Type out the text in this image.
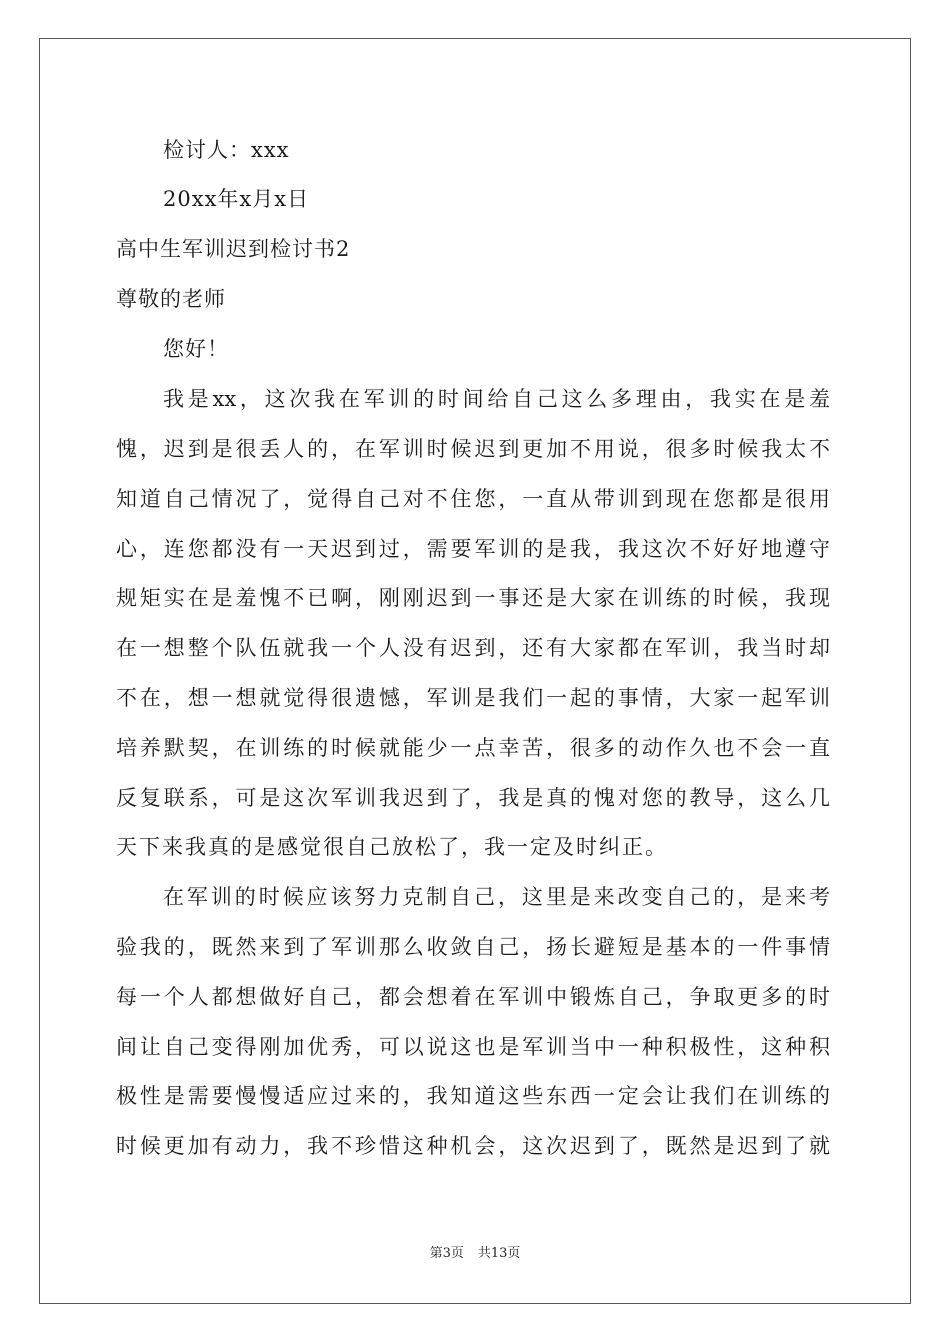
检讨人：xxx
20xx年x月x日
高中生军训迟到检讨书2
尊敬的老师
您好！
我是xx，这次我在军训的时间给自己这么多理由，我实在是羞
愧，迟到是很丢人的，在军训时候迟到更加不用说，很多时候我太不
知道自己情况了，觉得自己对不住您，一直从带训到现在您都是很用
心，连您都没有一天迟到过，需要军训的是我，我这次不好好地遵守
规矩实在是羞愧不已啊，刚刚迟到一事还是大家在训练的时候，我现
在一想整个队伍就我一个人没有迟到，还有大家都在军训，我当时却
不在，想一想就觉得很遗憾，军训是我们一起的事情，大家一起军训
培养默契，在训练的时候就能少一点幸苦，很多的动作久也不会一直
反复联系，可是这次军训我迟到了，我是真的愧对您的教导，这么几
天下来我真的是感觉很自己放松了，我一定及时纠正。
在军训的时候应该努力克制自己，这里是来改变自己的，是来考
验我的，既然来到了军训那么收敛自己，扬长避短是基本的一件事情
每一个人都想做好自己，都会想着在军训中锻炼自己，争取更多的时
间让自己变得刚加优秀，可以说这也是军训当中一种积极性，这种积
极性是需要慢慢适应过来的，我知道这些东西一定会让我们在训练的
时候更加有动力，我不珍惜这种机会，这次迟到了，既然是迟到了就
第3页 共13页
